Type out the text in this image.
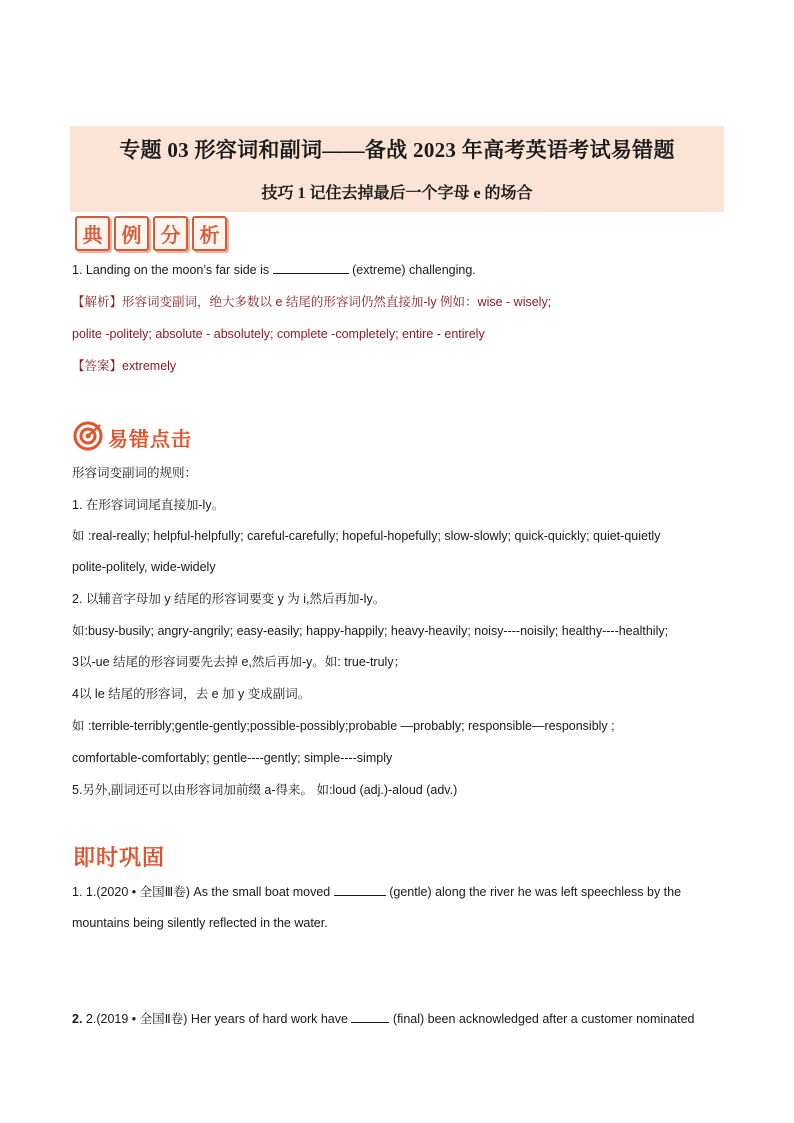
专题 03 形容词和副词——备战 2023 年高考英语考试易错题
技巧 1 记住去掉最后一个字母 e 的场合
典 例 分 析
1. Landing on the moon’s far side is	(extreme) challenging.
【解析】形容词变副词，绝大多数以 e 结尾的形容词仍然直接加-ly 例如：wise - wisely;
polite -politely; absolute - absolutely; complete -completely; entire - entirely
【答案】extremely
易错点击
形容词变副词的规则：
1. 在形容词词尾直接加-ly。
如 :real-really; helpful-helpfully; careful-carefully; hopeful-hopefully; slow-slowly; quick-quickly; quiet-quietly
polite-politely, wide-widely
2. 以辅音字母加 y 结尾的形容词要变 y 为 i,然后再加-ly。
如:busy-busily; angry-angrily; easy-easily; happy-happily; heavy-heavily; noisy----noisily; healthy----healthily;
3以-ue 结尾的形容词要先去掉 e,然后再加-y。如: true-truly；
4以 le 结尾的形容词，去 e 加 y 变成副词。
如 :terrible-terribly;gentle-gently;possible-possibly;probable —probably; responsible—responsibly ;
comfortable-comfortably; gentle----gently; simple----simply
5.另外,副词还可以由形容词加前缀 a-得来。 如:loud (adj.)-aloud (adv.)
即时巩固
1. 1.(2020 • 全国Ⅲ卷) As the small boat moved	(gentle) along the river he was left speechless by the
mountains being silently reflected in the water.
2. 2.(2019 • 全国Ⅱ卷) Her years of hard work have	(final) been acknowledged after a customer nominated
